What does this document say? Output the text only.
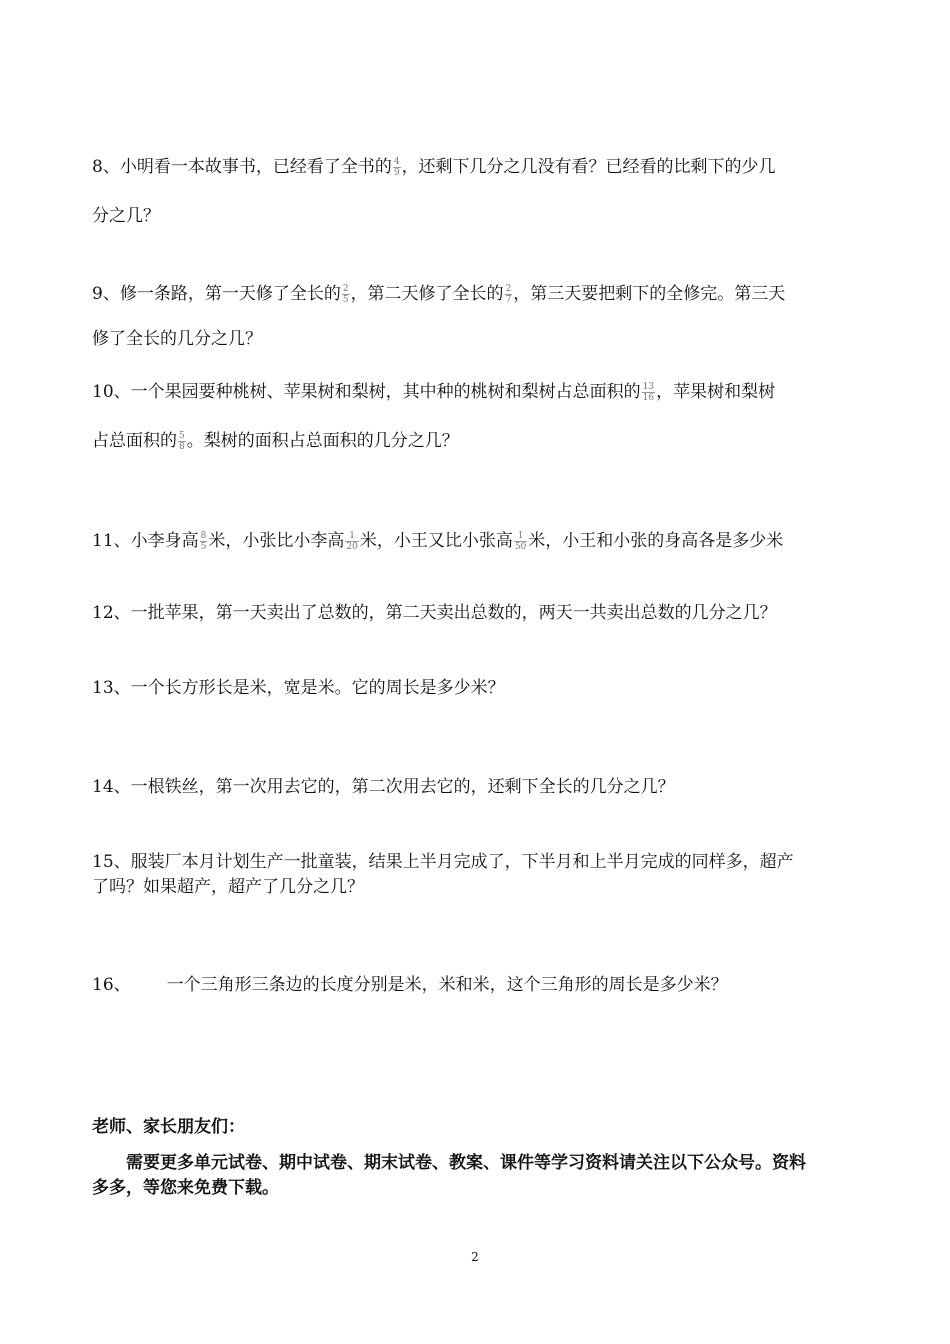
8、小明看一本故事书，已经看了全书的 $\frac{4}{9}$ ，还剩下几分之几没有看？已经看的比剩下的少几
分之几？
9、修一条路，第一天修了全长的 $\frac{2}{5}$ ，第二天修了全长的 $\frac{2}{7}$ ，第三天要把剩下的全修完。第三天
修了全长的几分之几？
10、一个果园要种桃树、苹果树和梨树，其中种的桃树和梨树占总面积的 $\frac{13}{16}$ ，苹果树和梨树
占总面积的 $\frac{5}{8}$ 。梨树的面积占总面积的几分之几？
11、小李身高 $\frac{8}{5}$ 米，小张比小李高 $\frac{1}{20}$ 米，小王又比小张高 $\frac{1}{50}$ 米，小王和小张的身高各是多少米
12、一批苹果，第一天卖出了总数的，第二天卖出总数的，两天一共卖出总数的几分之几？
13、一个长方形长是米，宽是米。它的周长是多少米？
14、一根铁丝，第一次用去它的，第二次用去它的，还剩下全长的几分之几？
15、服装厂本月计划生产一批童装，结果上半月完成了，下半月和上半月完成的同样多，超产
了吗？如果超产，超产了几分之几？
16、 一个三角形三条边的长度分别是米，米和米，这个三角形的周长是多少米？
老师、家长朋友们：
需要更多单元试卷、期中试卷、期末试卷、教案、课件等学习资料请关注以下公众号。资料
多多，等您来免费下载。
2
